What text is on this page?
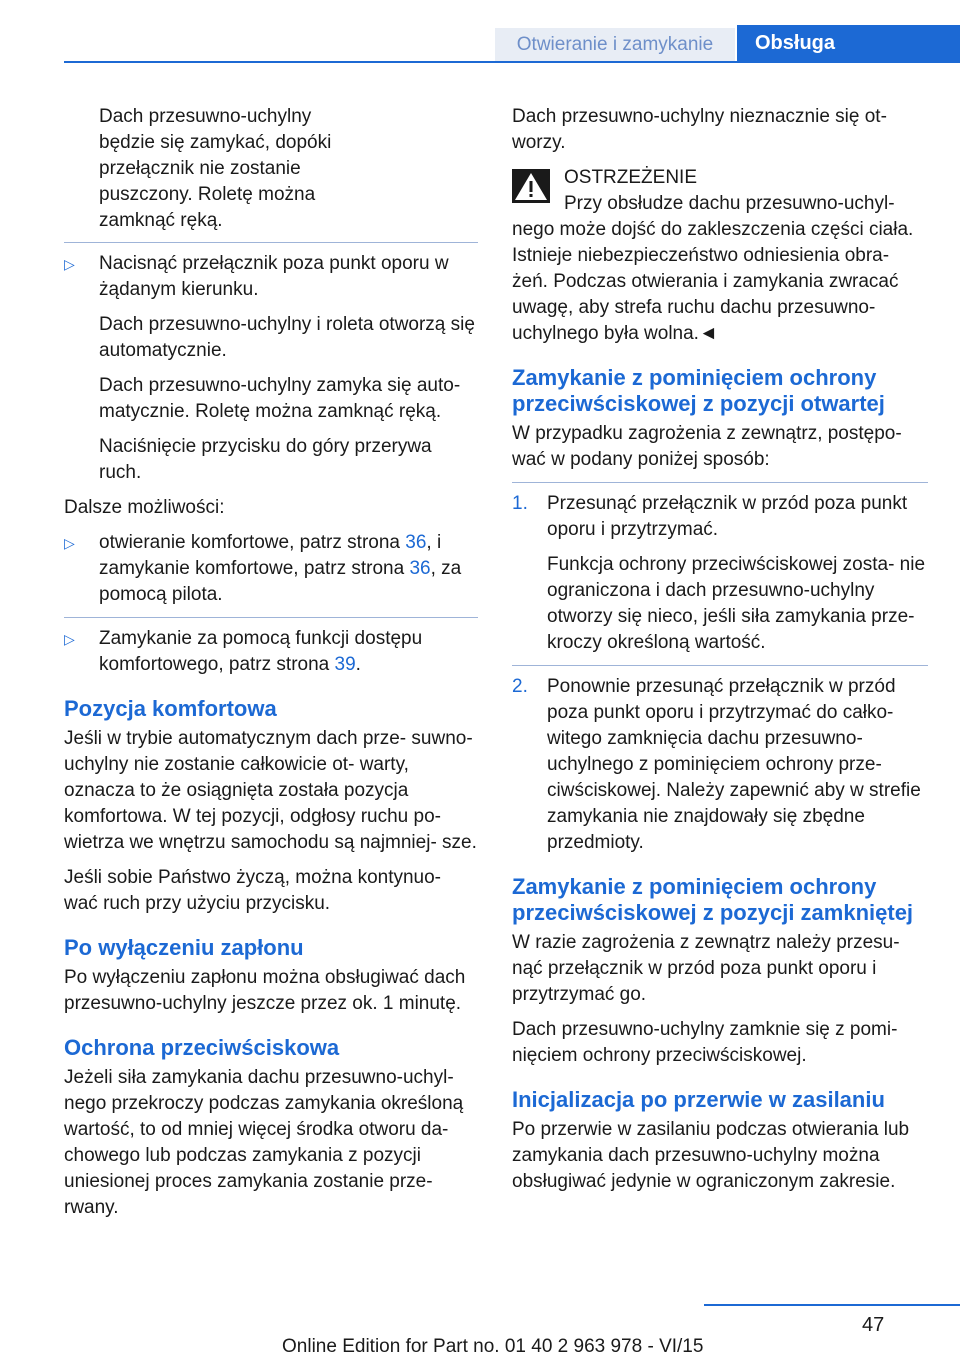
Otwieranie i zamykanie	Obsługa
Dach przesuwno-uchylny
będzie się zamykać, dopóki
przełącznik nie zostanie
puszczony. Roletę można
zamknąć ręką.
▷ Nacisnąć przełącznik poza punkt oporu w żądanym kierunku.

Dach przesuwno-uchylny i roleta otworzą się automatycznie.

Dach przesuwno-uchylny zamyka się auto- matycznie. Roletę można zamknąć ręką.

Naciśnięcie przycisku do góry przerywa ruch.

Dalsze możliwości:

▷ otwieranie komfortowe, patrz strona 36, i zamykanie komfortowe, patrz strona 36, za pomocą pilota.
▷ Zamykanie za pomocą funkcji dostępu komfortowego, patrz strona 39.
Pozycja komfortowa

Jeśli w trybie automatycznym dach prze- suwno-uchylny nie zostanie całkowicie ot- warty, oznacza to że osiągnięta została pozycja komfortowa. W tej pozycji, odgłosy ruchu po- wietrza we wnętrzu samochodu są najmniej- sze.

Jeśli sobie Państwo życzą, można kontynuo- wać ruch przy użyciu przycisku.

Po wyłączeniu zapłonu

Po wyłączeniu zapłonu można obsługiwać dach przesuwno-uchylny jeszcze przez ok. 1 minutę.

Ochrona przeciwściskowa

Jeżeli siła zamykania dachu przesuwno-uchyl- nego przekroczy podczas zamykania określoną wartość, to od mniej więcej środka otworu da- chowego lub podczas zamykania z pozycji uniesionej proces zamykania zostanie prze- rwany.

Dach przesuwno-uchylny nieznacznie się ot- worzy.

OSTRZEŻENIE
Przy obsłudze dachu przesuwno-uchyl-

nego może dojść do zakleszczenia części ciała. Istnieje niebezpieczeństwo odniesienia obra- żeń. Podczas otwierania i zamykania zwracać uwagę, aby strefa ruchu dachu przesuwno- uchylnego była wolna.◄

Zamykanie z pominięciem ochrony przeciwściskowej z pozycji otwartej

W przypadku zagrożenia z zewnątrz, postępo- wać w podany poniżej sposób:

1. Przesunąć przełącznik w przód poza punkt oporu i przytrzymać.

Funkcja ochrony przeciwściskowej zosta- nie ograniczona i dach przesuwno-uchylny otworzy się nieco, jeśli siła zamykania prze- kroczy określoną wartość.

2. Ponownie przesunąć przełącznik w przód poza punkt oporu i przytrzymać do całko- witego zamknięcia dachu przesuwno- uchylnego z pominięciem ochrony prze- ciwściskowej. Należy zapewnić aby w strefie zamykania nie znajdowały się zbędne przedmioty.

Zamykanie z pominięciem ochrony przeciwściskowej z pozycji zamkniętej

W razie zagrożenia z zewnątrz należy przesu- nąć przełącznik w przód poza punkt oporu i przytrzymać go.

Dach przesuwno-uchylny zamknie się z pomi- nięciem ochrony przeciwściskowej.

Inicjalizacja po przerwie w zasilaniu

Po przerwie w zasilaniu podczas otwierania lub zamykania dach przesuwno-uchylny można obsługiwać jedynie w ograniczonym zakresie.

47
Online Edition for Part no. 01 40 2 963 978 - VI/15
